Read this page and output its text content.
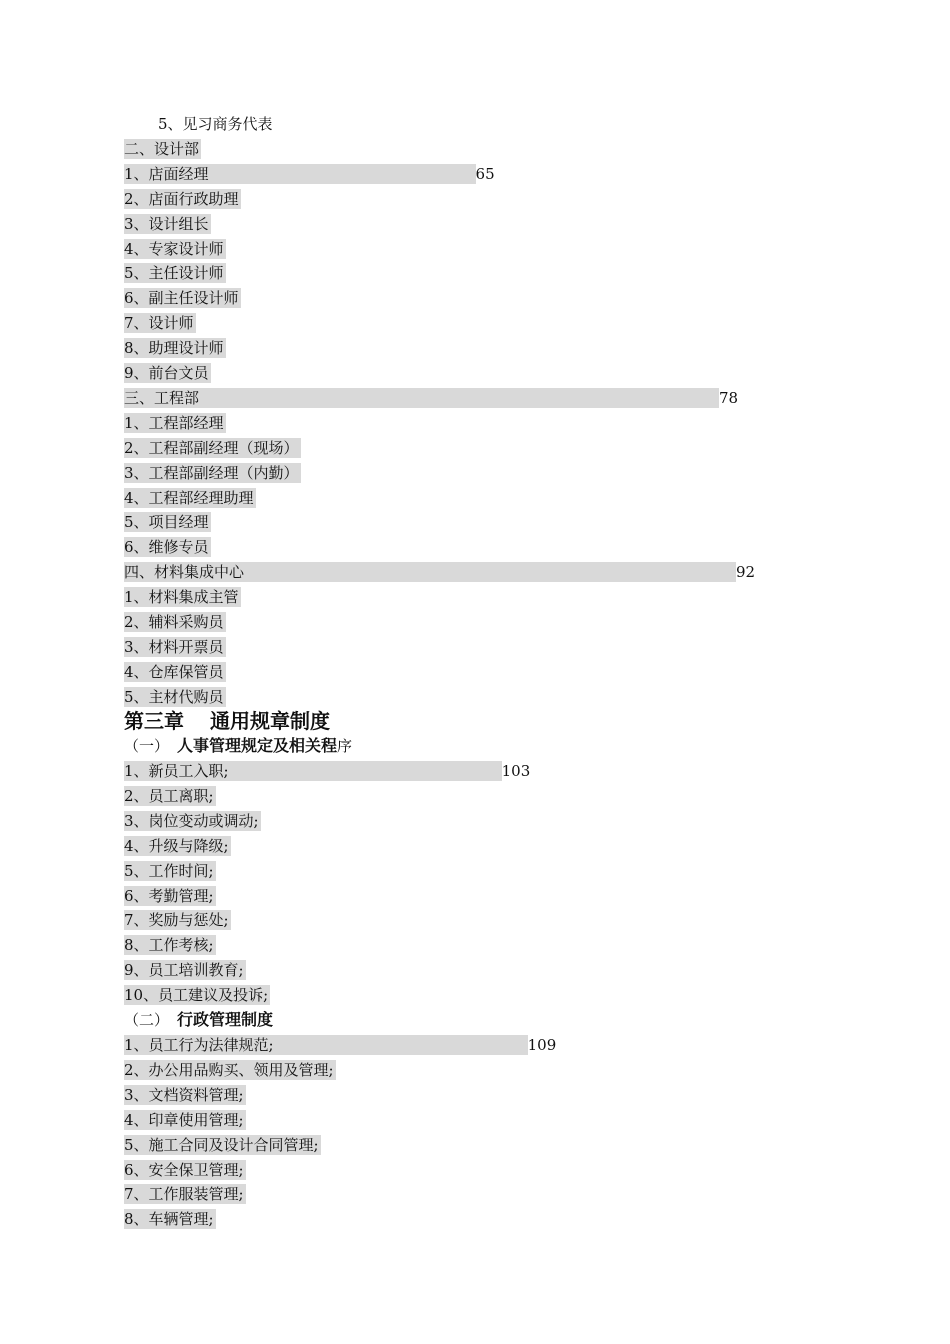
5、见习商务代表
二、设计部
1、店面经理	65
2、店面行政助理
3、设计组长
4、专家设计师
5、主任设计师
6、副主任设计师
7、设计师
8、助理设计师
9、前台文员
三、工程部	78
1、工程部经理
2、工程部副经理（现场）
3、工程部副经理（内勤）
4、工程部经理助理
5、项目经理
6、维修专员
四、材料集成中心	92
1、材料集成主管
2、辅料采购员
3、材料开票员
4、仓库保管员
5、主材代购员
1、新员工入职;	103
2、员工离职;
3、岗位变动或调动;
4、升级与降级;
5、工作时间;
6、考勤管理;
7、奖励与惩处;
8、工作考核;
9、员工培训教育;
10、员工建议及投诉;
1、员工行为法律规范;	109
2、办公用品购买、领用及管理;
3、文档资料管理;
4、印章使用管理;
5、施工合同及设计合同管理;
6、安全保卫管理;
7、工作服装管理;
8、车辆管理;
第三章 通用规章制度
（一） 人事管理规定及相关程序
（二） 行政管理制度
